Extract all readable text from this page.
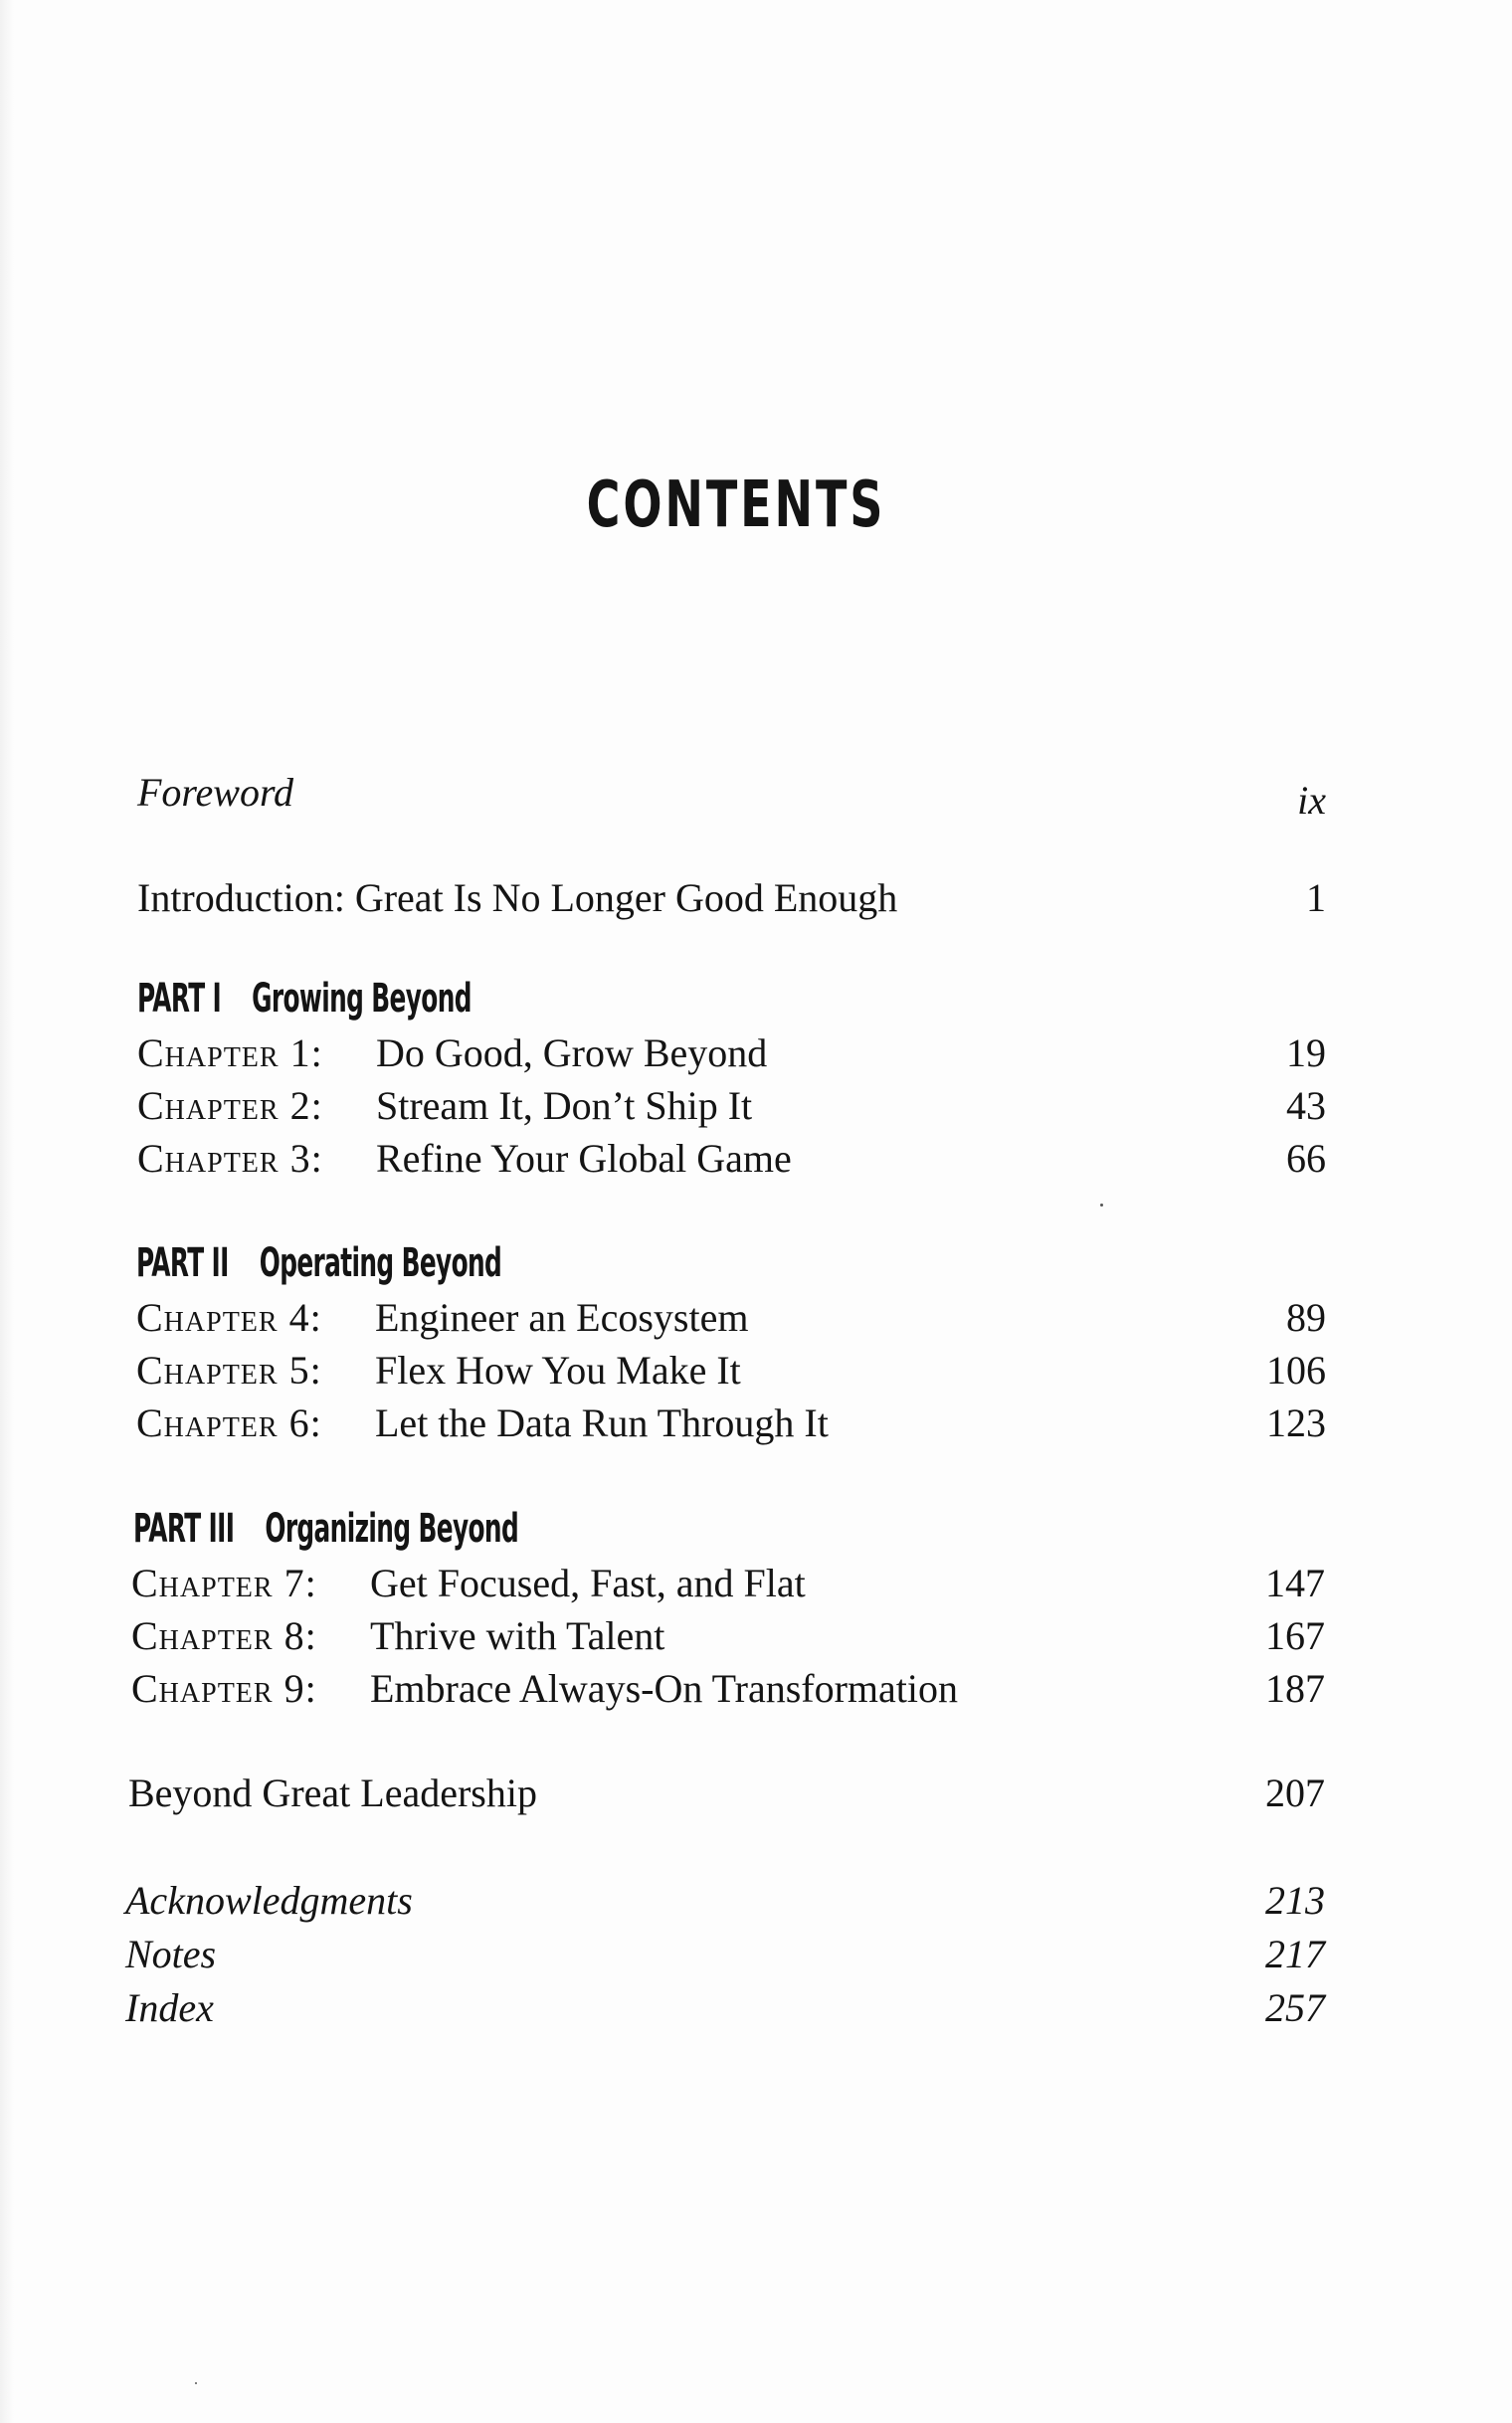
CONTENTS
Foreword	ix
Introduction: Great Is No Longer Good Enough	1
PART I Growing Beyond
Chapter 1: Do Good, Grow Beyond	19
Chapter 2: Stream It, Don’t Ship It	43
Chapter 3: Refine Your Global Game	66
PART II Operating Beyond
Chapter 4: Engineer an Ecosystem	89
Chapter 5: Flex How You Make It	106
Chapter 6: Let the Data Run Through It	123
PART III Organizing Beyond
Chapter 7: Get Focused, Fast, and Flat	147
Chapter 8: Thrive with Talent	167
Chapter 9: Embrace Always-On Transformation	187
Beyond Great Leadership	207
Acknowledgments	213
Notes	217
Index	257
